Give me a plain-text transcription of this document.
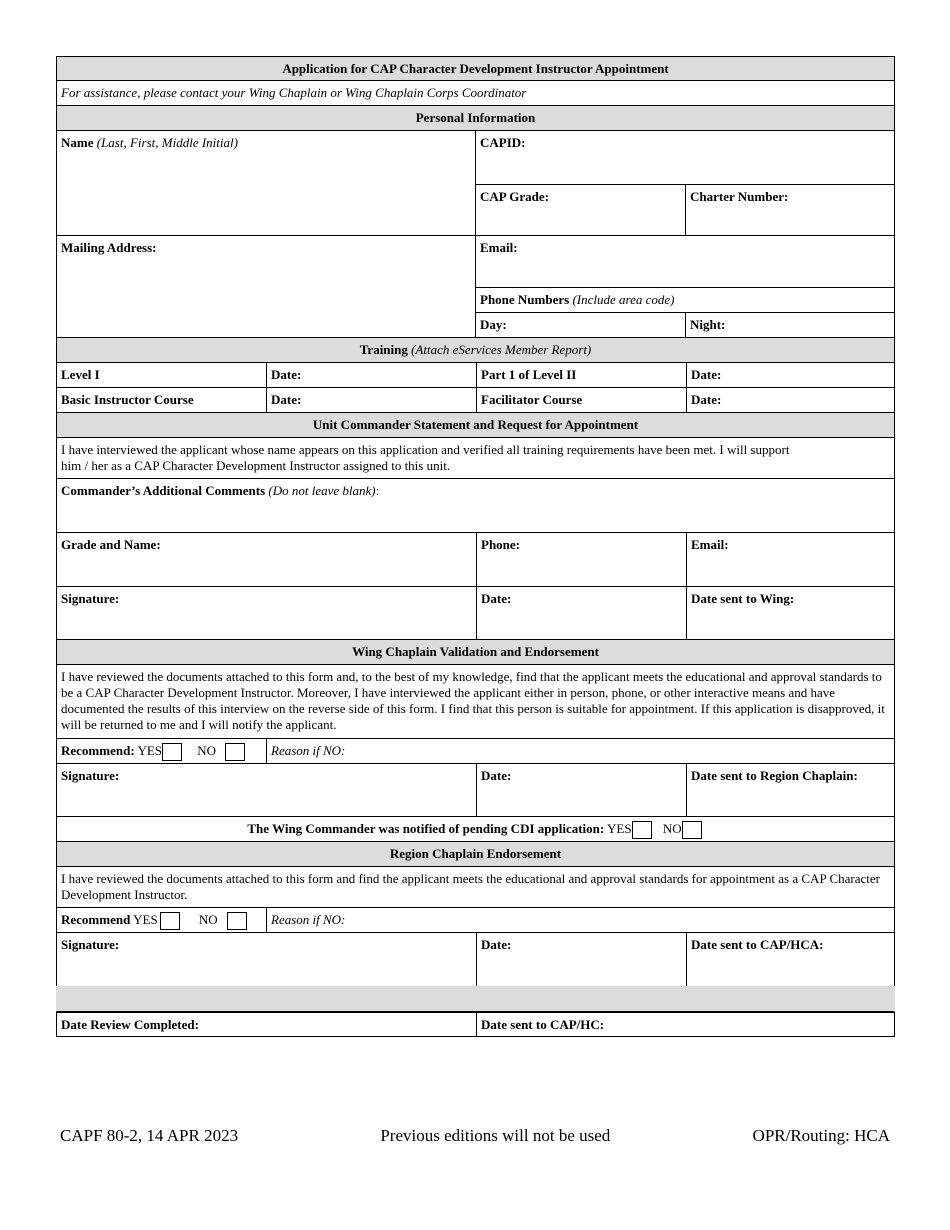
Application for CAP Character Development Instructor Appointment
For assistance, please contact your Wing Chaplain or Wing Chaplain Corps Coordinator
Personal Information
Name (Last, First, Middle Initial)	CAPID:
CAP Grade:	Charter Number:
Mailing Address:	Email:
Phone Numbers (Include area code)
Day:	Night:
Training (Attach eServices Member Report)
Level I	Date:	Part 1 of Level II	Date:
Basic Instructor Course	Date:	Facilitator Course	Date:
Unit Commander Statement and Request for Appointment
I have interviewed the applicant whose name appears on this application and verified all training requirements have been met. I will support him / her as a CAP Character Development Instructor assigned to this unit.
Commander’s Additional Comments (Do not leave blank):
Grade and Name:	Phone:	Email:
Signature:	Date:	Date sent to Wing:
Wing Chaplain Validation and Endorsement
I have reviewed the documents attached to this form and, to the best of my knowledge, find that the applicant meets the educational and approval standards to be a CAP Character Development Instructor. Moreover, I have interviewed the applicant either in person, phone, or other interactive means and have documented the results of this interview on the reverse side of this form. I find that this person is suitable for appointment. If this application is disapproved, it will be returned to me and I will notify the applicant.
Recommend: YES	NO	Reason if NO:
Signature:	Date:	Date sent to Region Chaplain:
The Wing Commander was notified of pending CDI application: YES NO
Region Chaplain Endorsement
I have reviewed the documents attached to this form and find the applicant meets the educational and approval standards for appointment as a CAP Character Development Instructor.
Recommend YES	NO	Reason if NO:
Signature:	Date:	Date sent to CAP/HCA:
Date Review Completed:	Date sent to CAP/HC:
CAPF 80-2, 14 APR 2023	Previous editions will not be used	OPR/Routing: HCA
